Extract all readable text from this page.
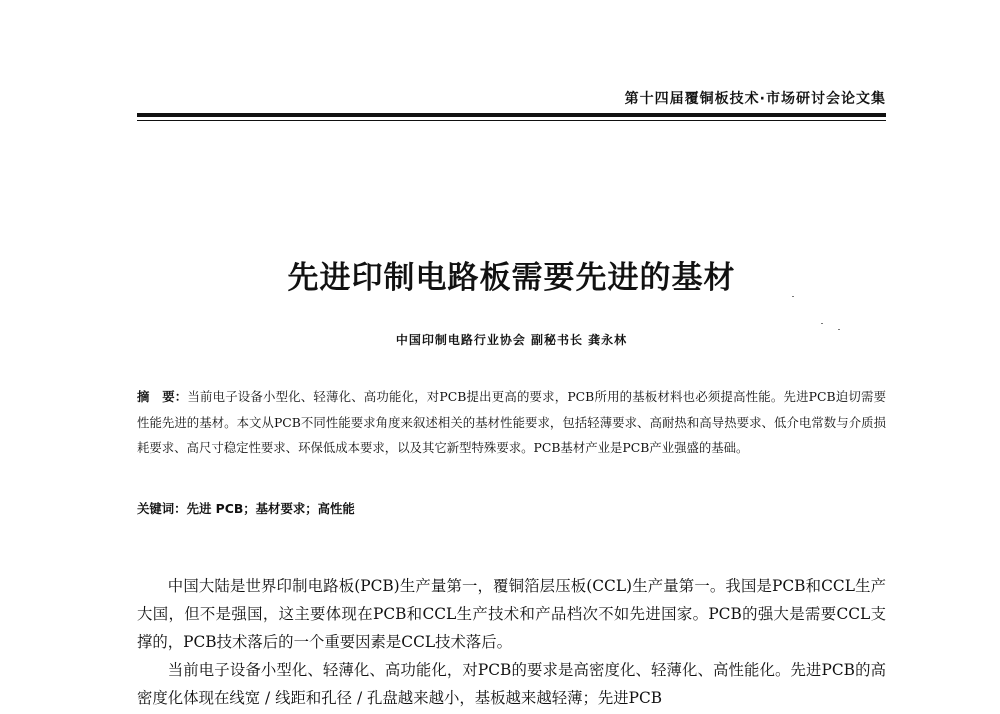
第十四届覆铜板技术·市场研讨会论文集
先进印制电路板需要先进的基材
中国印制电路行业协会 副秘书长 龚永林
摘　要：当前电子设备小型化、轻薄化、高功能化，对PCB提出更高的要求，PCB所用的基板材料也必须提高性能。先进PCB迫切需要性能先进的基材。本文从PCB不同性能要求角度来叙述相关的基材性能要求，包括轻薄要求、高耐热和高导热要求、低介电常数与介质损耗要求、高尺寸稳定性要求、环保低成本要求，以及其它新型特殊要求。PCB基材产业是PCB产业强盛的基础。
关键词：先进 PCB；基材要求；高性能

中国大陆是世界印制电路板(PCB)生产量第一，覆铜箔层压板(CCL)生产量第一。我国是PCB和CCL生产大国，但不是强国，这主要体现在PCB和CCL生产技术和产品档次不如先进国家。PCB的强大是需要CCL支撑的，PCB技术落后的一个重要因素是CCL技术落后。

当前电子设备小型化、轻薄化、高功能化，对PCB的要求是高密度化、轻薄化、高性能化。先进PCB的高密度化体现在线宽 / 线距和孔径 / 孔盘越来越小，基板越来越轻薄；先进PCB
